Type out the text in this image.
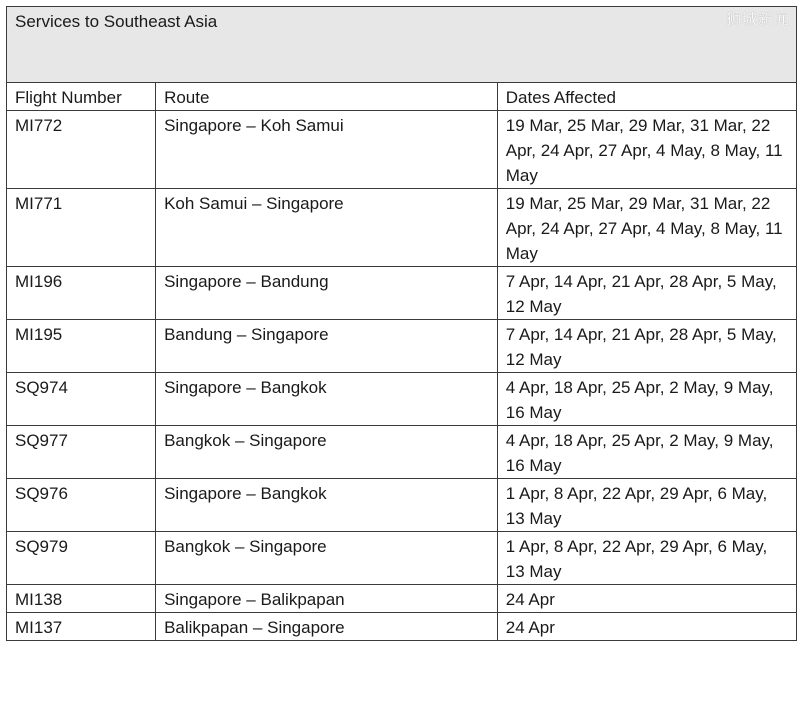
狮城新闻
Services to Southeast Asia		
Flight Number	Route	Dates Affected
MI772	Singapore – Koh Samui	19 Mar, 25 Mar, 29 Mar, 31 Mar, 22 Apr, 24 Apr, 27 Apr, 4 May, 8 May, 11 May
MI771	Koh Samui – Singapore	19 Mar, 25 Mar, 29 Mar, 31 Mar, 22 Apr, 24 Apr, 27 Apr, 4 May, 8 May, 11 May
MI196	Singapore – Bandung	7 Apr, 14 Apr, 21 Apr, 28 Apr, 5 May, 12 May
MI195	Bandung – Singapore	7 Apr, 14 Apr, 21 Apr, 28 Apr, 5 May, 12 May
SQ974	Singapore – Bangkok	4 Apr, 18 Apr, 25 Apr, 2 May, 9 May, 16 May
SQ977	Bangkok – Singapore	4 Apr, 18 Apr, 25 Apr, 2 May, 9 May, 16 May
SQ976	Singapore – Bangkok	1 Apr, 8 Apr, 22 Apr, 29 Apr, 6 May, 13 May
SQ979	Bangkok – Singapore	1 Apr, 8 Apr, 22 Apr, 29 Apr, 6 May, 13 May
MI138	Singapore – Balikpapan	24 Apr
MI137	Balikpapan – Singapore	24 Apr
